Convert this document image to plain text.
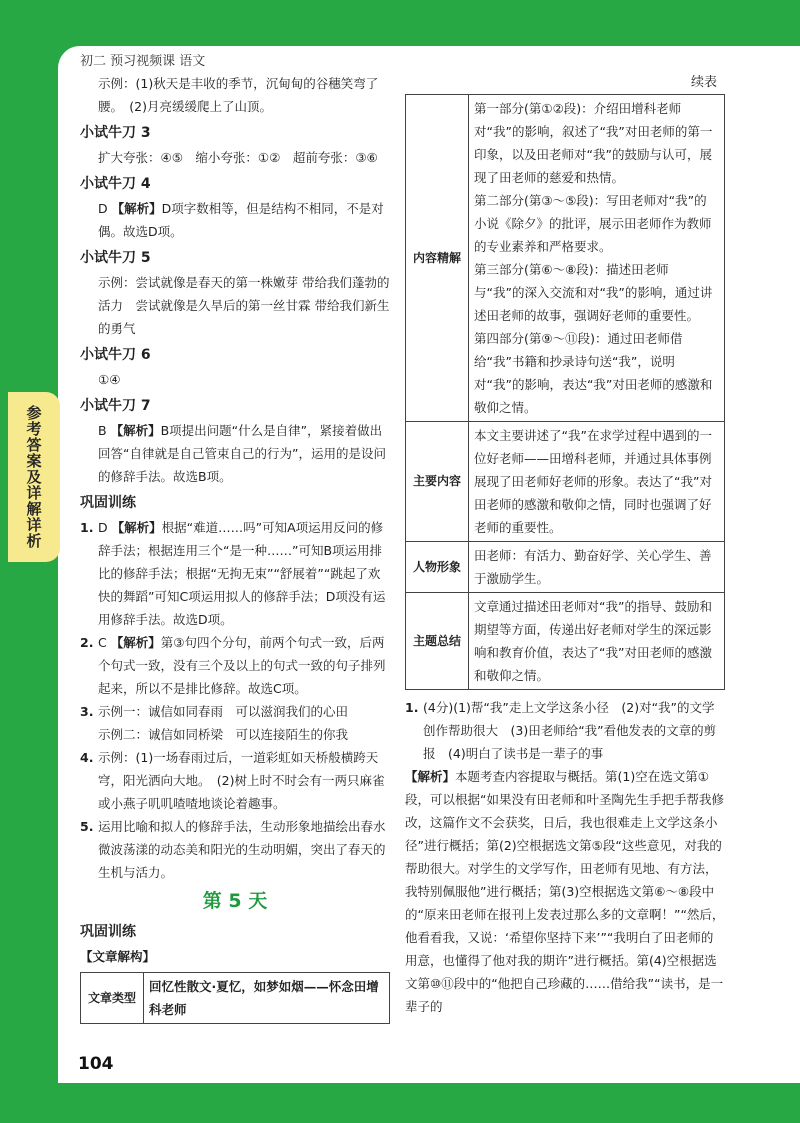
初二 预习视频课 语文
参考答案及详解详析
104

示例：(1)秋天是丰收的季节，沉甸甸的谷穗笑弯了腰。　(2)月亮缓缓爬上了山顶。

小试牛刀 3

扩大夸张：④⑤　缩小夸张：①②　超前夸张：③⑥

小试牛刀 4

D 【解析】D项字数相等，但是结构不相同，不是对偶。故选D项。

小试牛刀 5

示例：尝试就像是春天的第一株嫩芽 带给我们蓬勃的活力　尝试就像是久旱后的第一丝甘霖 带给我们新生的勇气

小试牛刀 6

①④

小试牛刀 7

B 【解析】B项提出问题“什么是自律”，紧接着做出回答“自律就是自己管束自己的行为”，运用的是设问的修辞手法。故选B项。

巩固训练

1. D 【解析】根据“难道……吗”可知A项运用反问的修辞手法；根据连用三个“是一种……”可知B项运用排比的修辞手法；根据“无拘无束”“舒展着”“跳起了欢快的舞蹈”可知C项运用拟人的修辞手法；D项没有运用修辞手法。故选D项。

2. C 【解析】第③句四个分句，前两个句式一致，后两个句式一致，没有三个及以上的句式一致的句子排列起来，所以不是排比修辞。故选C项。

3. 示例一：诚信如同春雨　可以滋润我们的心田
示例二：诚信如同桥梁　可以连接陌生的你我

4. 示例：(1)一场春雨过后，一道彩虹如天桥般横跨天穹，阳光洒向大地。　(2)树上时不时会有一两只麻雀或小燕子叽叽喳喳地谈论着趣事。

5. 运用比喻和拟人的修辞手法，生动形象地描绘出春水微波荡漾的动态美和阳光的生动明媚，突出了春天的生机与活力。

第 5 天
巩固训练
【文章解构】
文章类型	回忆性散文·夏忆，如梦如烟——怀念田增科老师
续表
内容精解	第一部分(第①②段)：介绍田增科老师对“我”的影响，叙述了“我”对田老师的第一印象，以及田老师对“我”的鼓励与认可，展现了田老师的慈爱和热情。

第二部分(第③～⑤段)：写田老师对“我”的小说《除夕》的批评，展示田老师作为教师的专业素养和严格要求。

第三部分(第⑥～⑧段)：描述田老师与“我”的深入交流和对“我”的影响，通过讲述田老师的故事，强调好老师的重要性。

第四部分(第⑨～⑪段)：通过田老师借给“我”书籍和抄录诗句送“我”，说明对“我”的影响，表达“我”对田老师的感激和敬仰之情。

主要内容	本文主要讲述了“我”在求学过程中遇到的一位好老师——田增科老师，并通过具体事例展现了田老师好老师的形象。表达了“我”对田老师的感激和敬仰之情，同时也强调了好老师的重要性。

人物形象	田老师：有活力、勤奋好学、关心学生、善于激励学生。

主题总结	文章通过描述田老师对“我”的指导、鼓励和期望等方面，传递出好老师对学生的深远影响和教育价值，表达了“我”对田老师的感激和敬仰之情。

1. (4分)(1)帮“我”走上文学这条小径　(2)对“我”的文学创作帮助很大　(3)田老师给“我”看他发表的文章的剪报　(4)明白了读书是一辈子的事

【解析】本题考查内容提取与概括。第(1)空在选文第①段，可以根据“如果没有田老师和叶圣陶先生手把手帮我修改，这篇作文不会获奖，日后，我也很难走上文学这条小径”进行概括；第(2)空根据选文第⑤段“这些意见，对我的帮助很大。对学生的文学写作，田老师有见地、有方法，我特别佩服他”进行概括；第(3)空根据选文第⑥～⑧段中的“原来田老师在报刊上发表过那么多的文章啊！”“然后，他看看我，又说：‘希望你坚持下来’”“我明白了田老师的用意，也懂得了他对我的期许”进行概括。第(4)空根据选文第⑩⑪段中的“他把自己珍藏的……借给我”“读书，是一辈子的
